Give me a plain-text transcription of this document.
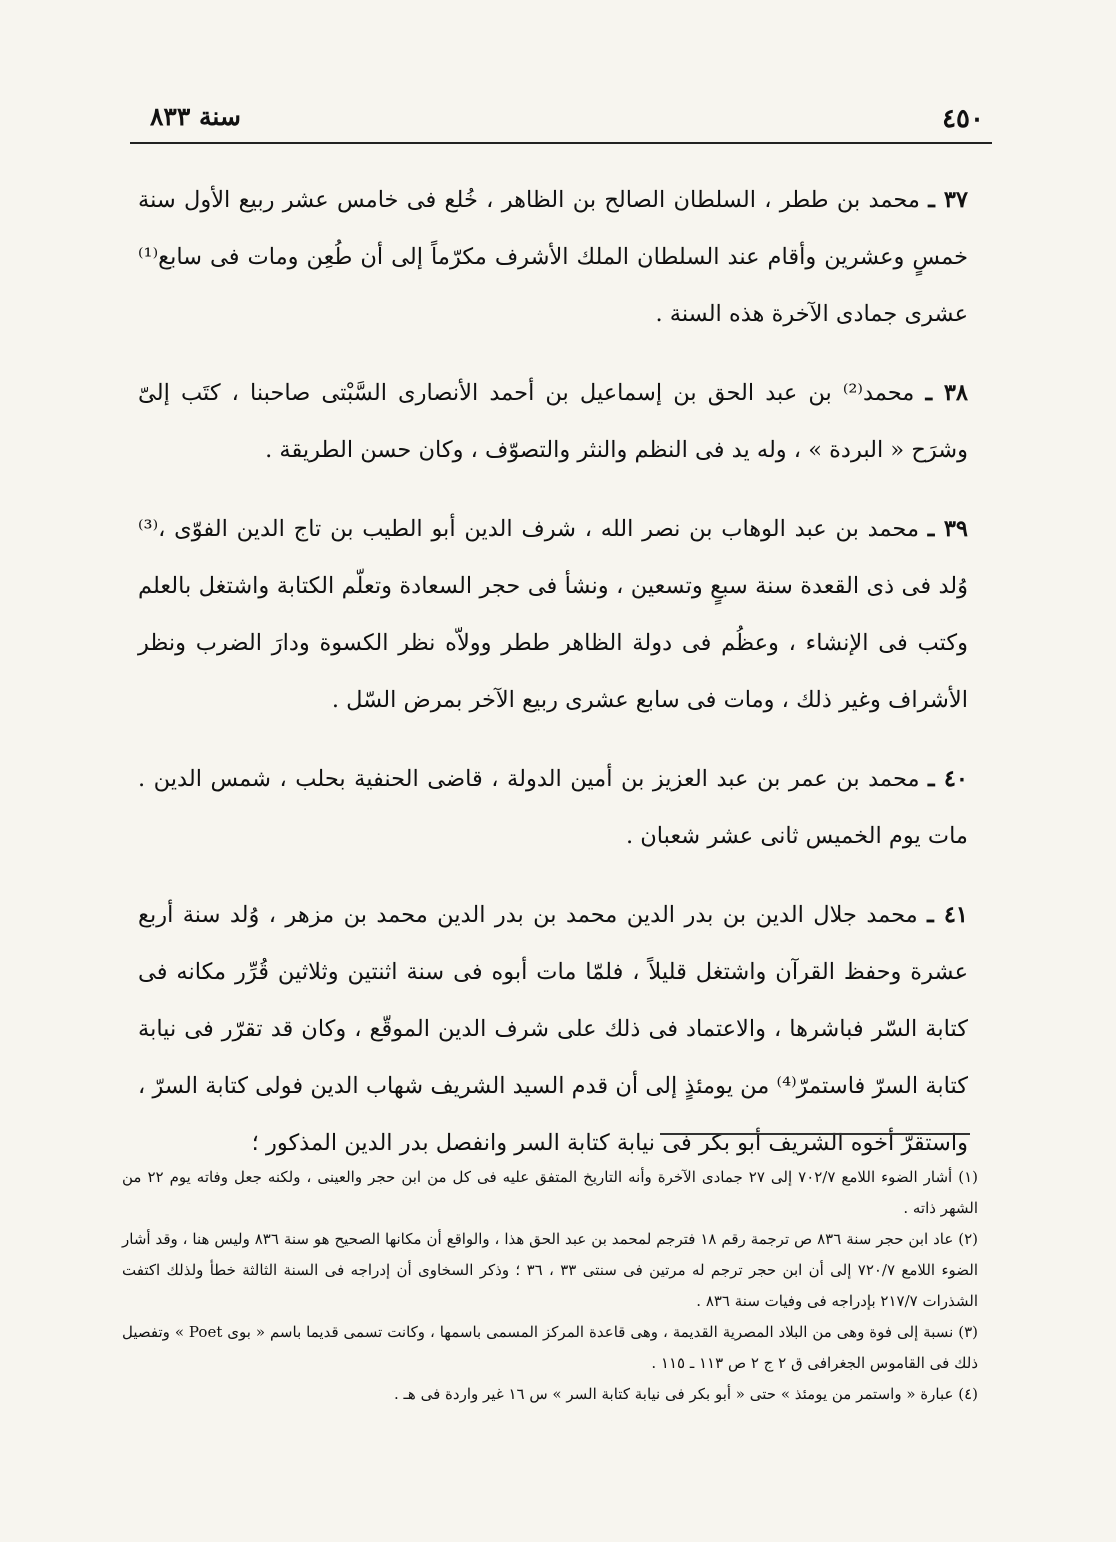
٤٥٠
سنة ٨٣٣

٣٧ ـ محمد بن ططر ، السلطان الصالح بن الظاهر ، خُلع فى خامس عشر ربيع الأول سنة خمسٍ وعشرين وأقام عند السلطان الملك الأشرف مكرّماً إلى أن طُعِن ومات فى سابع⁽¹⁾ عشرى جمادى الآخرة هذه السنة .

٣٨ ـ محمد⁽²⁾ بن عبد الحق بن إسماعيل بن أحمد الأنصارى السَّبْتى صاحبنا ، كتَب إلىّ وشرَح « البردة » ، وله يد فى النظم والنثر والتصوّف ، وكان حسن الطريقة .

٣٩ ـ محمد بن عبد الوهاب بن نصر الله ، شرف الدين أبو الطيب بن تاج الدين الفوّى ،⁽³⁾ وُلد فى ذى القعدة سنة سبعٍ وتسعين ، ونشأ فى حجر السعادة وتعلّم الكتابة واشتغل بالعلم وكتب فى الإنشاء ، وعظُم فى دولة الظاهر ططر وولاّه نظر الكسوة ودارَ الضرب ونظر الأشراف وغير ذلك ، ومات فى سابع عشرى ربيع الآخر بمرض السّل .

٤٠ ـ محمد بن عمر بن عبد العزيز بن أمين الدولة ، قاضى الحنفية بحلب ، شمس الدين . مات يوم الخميس ثانى عشر شعبان .

٤١ ـ محمد جلال الدين بن بدر الدين محمد بن بدر الدين محمد بن مزهر ، وُلد سنة أربع عشرة وحفظ القرآن واشتغل قليلاً ، فلمّا مات أبوه فى سنة اثنتين وثلاثين قُرِّر مكانه فى كتابة السّر فباشرها ، والاعتماد فى ذلك على شرف الدين الموقّع ، وكان قد تقرّر فى نيابة كتابة السرّ فاستمرّ⁽⁴⁾ من يومئذٍ إلى أن قدم السيد الشريف شهاب الدين فولى كتابة السرّ ، واستقرّ أخوه الشريف أبو بكر فى نيابة كتابة السر وانفصل بدر الدين المذكور ؛

(١) أشار الضوء اللامع ٧٠٢/٧ إلى ٢٧ جمادى الآخرة وأنه التاريخ المتفق عليه فى كل من ابن حجر والعينى ، ولكنه جعل وفاته يوم ٢٢ من الشهر ذاته .

(٢) عاد ابن حجر سنة ٨٣٦ ص ترجمة رقم ١٨ فترجم لمحمد بن عبد الحق هذا ، والواقع أن مكانها الصحيح هو سنة ٨٣٦ وليس هنا ، وقد أشار الضوء اللامع ٧٢٠/٧ إلى أن ابن حجر ترجم له مرتين فى سنتى ٣٣ ، ٣٦ ؛ وذكر السخاوى أن إدراجه فى السنة الثالثة خطأ ولذلك اكتفت الشذرات ٢١٧/٧ بإدراجه فى وفيات سنة ٨٣٦ .

(٣) نسبة إلى فوة وهى من البلاد المصرية القديمة ، وهى قاعدة المركز المسمى باسمها ، وكانت تسمى قديما باسم « بوى Poet » وتفصيل ذلك فى القاموس الجغرافى ق ٢ ج ٢ ص ١١٣ ـ ١١٥ .

(٤) عبارة « واستمر من يومئذ » حتى « أبو بكر فى نيابة كتابة السر » س ١٦ غير واردة فى هـ .
